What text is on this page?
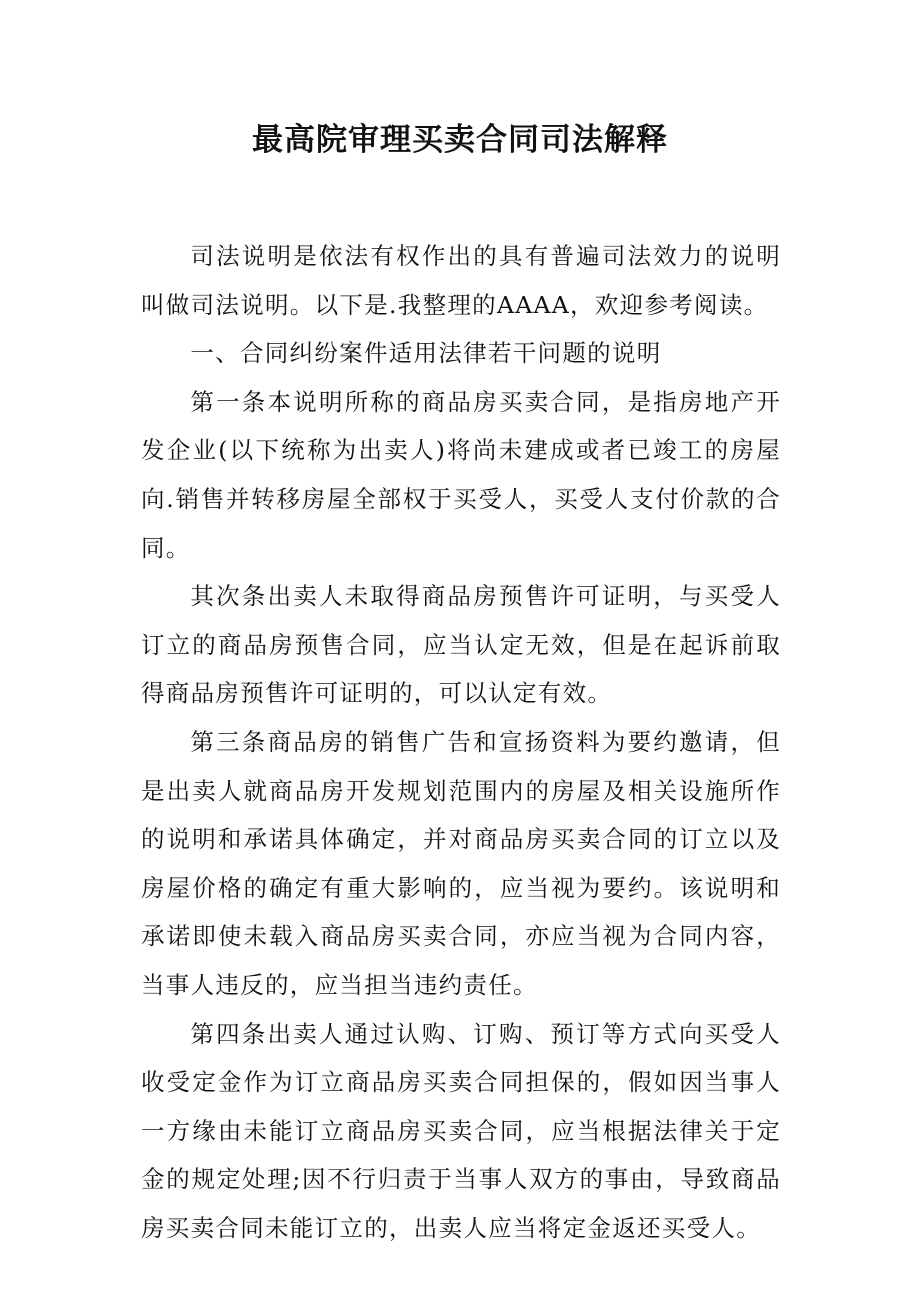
最高院审理买卖合同司法解释

司法说明是依法有权作出的具有普遍司法效力的说明叫做司法说明。以下是.我整理的AAAA，欢迎参考阅读。

一、合同纠纷案件适用法律若干问题的说明

第一条本说明所称的商品房买卖合同，是指房地产开发企业(以下统称为出卖人)将尚未建成或者已竣工的房屋向.销售并转移房屋全部权于买受人，买受人支付价款的合同。

其次条出卖人未取得商品房预售许可证明，与买受人订立的商品房预售合同，应当认定无效，但是在起诉前取得商品房预售许可证明的，可以认定有效。

第三条商品房的销售广告和宣扬资料为要约邀请，但是出卖人就商品房开发规划范围内的房屋及相关设施所作的说明和承诺具体确定，并对商品房买卖合同的订立以及房屋价格的确定有重大影响的，应当视为要约。该说明和承诺即使未载入商品房买卖合同，亦应当视为合同内容，当事人违反的，应当担当违约责任。

第四条出卖人通过认购、订购、预订等方式向买受人收受定金作为订立商品房买卖合同担保的，假如因当事人一方缘由未能订立商品房买卖合同，应当根据法律关于定金的规定处理;因不行归责于当事人双方的事由，导致商品房买卖合同未能订立的，出卖人应当将定金返还买受人。
